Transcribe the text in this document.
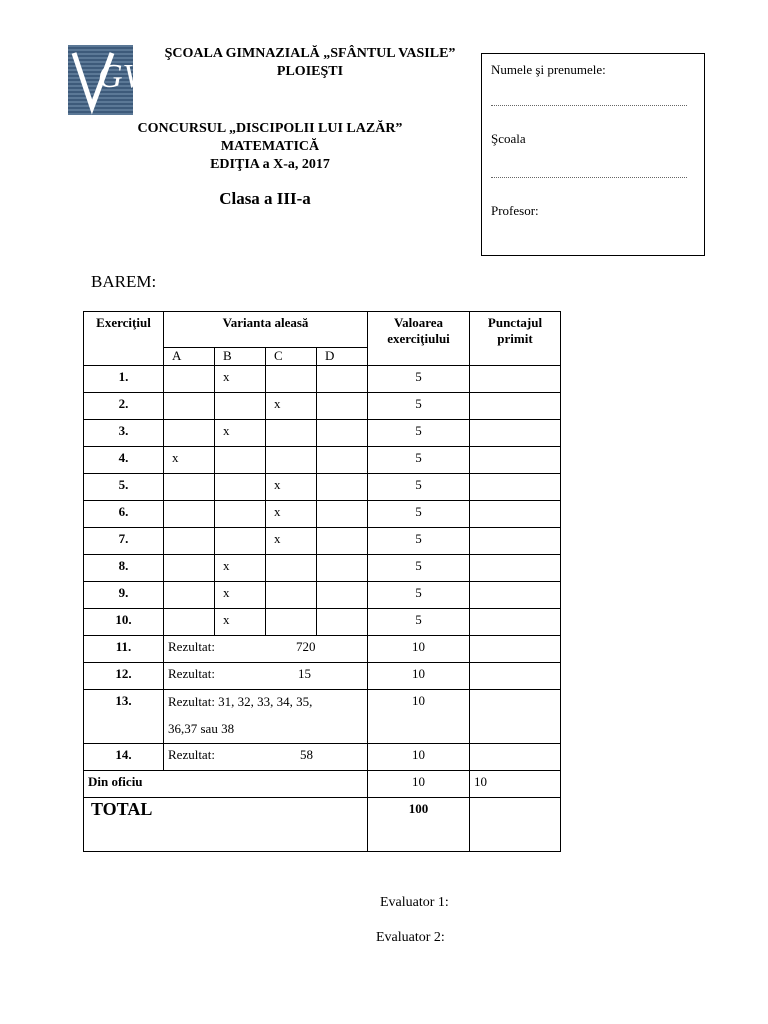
GV
ŞCOALA GIMNAZIALĂ „SFÂNTUL VASILE”
PLOIEŞTI
CONCURSUL „DISCIPOLII LUI LAZĂR”
MATEMATICĂ
EDIŢIA a X-a, 2017
Clasa a III-a
Numele şi prenumele:
Şcoala
Profesor:
BAREM:
Exerciţiul	Varianta aleasă				Valoarea exerciţiului	Punctajul primit
	A	B	C	D		
1.		x			5	
2.			x		5	
3.		x			5	
4.	x				5	
5.			x		5	
6.			x		5	
7.			x		5	
8.		x			5	
9.		x			5	
10.		x			5	
11.	Rezultat: 720				10	
12.	Rezultat: 15				10	
13.	Rezultat: 31, 32, 33, 34, 35,
36,37 sau 38				10	
14.	Rezultat: 58				10	
Din oficiu					10	10
TOTAL					100	
Evaluator 1:
Evaluator 2:
